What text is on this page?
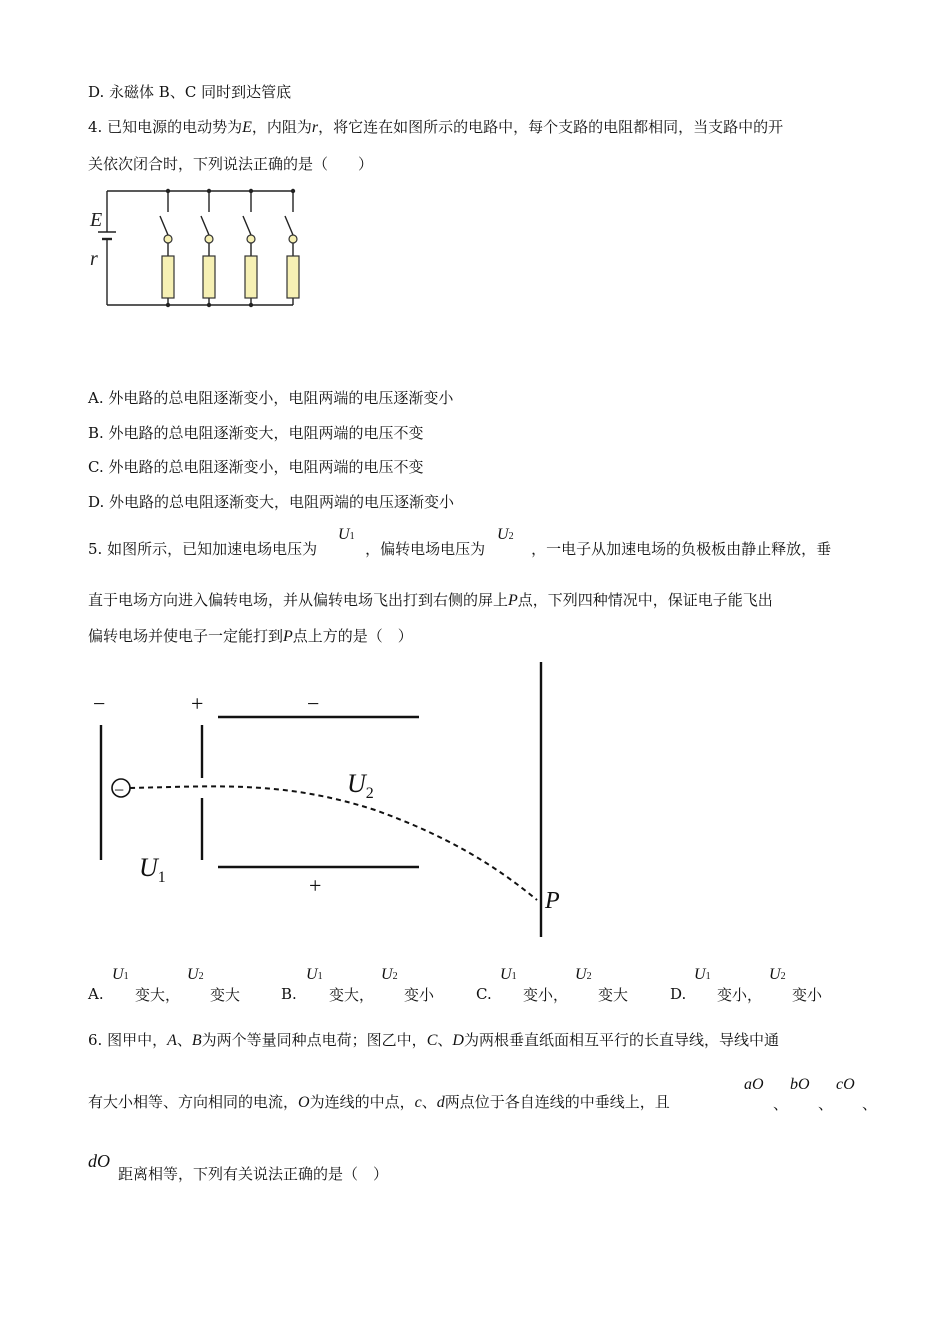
D. 永磁体 B、C 同时到达管底
4. 已知电源的电动势为E，内阻为r，将它连在如图所示的电路中，每个支路的电阻都相同，当支路中的开
关依次闭合时，下列说法正确的是（　　）
E
r
A. 外电路的总电阻逐渐变小，电阻两端的电压逐渐变小
B. 外电路的总电阻逐渐变大，电阻两端的电压不变
C. 外电路的总电阻逐渐变小，电阻两端的电压不变
D. 外电路的总电阻逐渐变大，电阻两端的电压逐渐变小
5. 如图所示，已知加速电场电压为	，偏转电场电压为	，一电子从加速电场的负极板由静止释放，垂
U1	U2
直于电场方向进入偏转电场，并从偏转电场飞出打到右侧的屏上P点，下列四种情况中，保证电子能飞出
偏转电场并使电子一定能打到P点上方的是（　）
−	+	−
+
−	$U_2$
$U_1$
P
A.
U1
变大，
U2
变大	B.
U1
变大，
U2
变小	C.
U1
变小，
U2
变大	D.
U1
变小，
U2
变小
6. 图甲中，A、B为两个等量同种点电荷；图乙中，C、D为两根垂直纸面相互平行的长直导线，导线中通
有大小相等、方向相同的电流，O为连线的中点，c、d两点位于各自连线的中垂线上，且
aO
、
bO
、
cO
、
dO
距离相等，下列有关说法正确的是（　）
